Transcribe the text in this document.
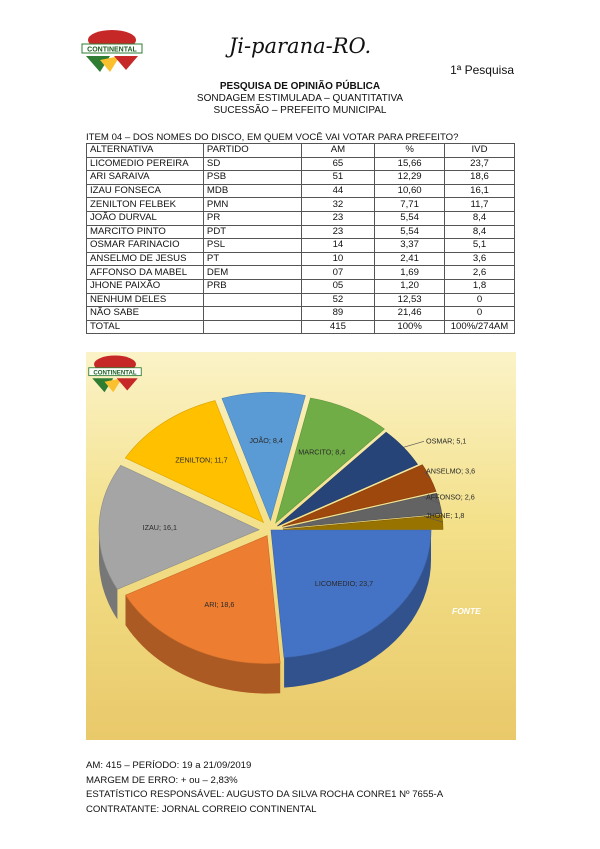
CONTINENTAL	Ji-parana-RO.
1ª Pesquisa
PESQUISA DE OPINIÃO PÚBLICA
SONDAGEM ESTIMULADA – QUANTITATIVA
SUCESSÃO – PREFEITO MUNICIPAL
ITEM 04 – DOS NOMES DO DISCO, EM QUEM VOCÊ VAI VOTAR PARA PREFEITO?
ALTERNATIVA	PARTIDO	AM	%	IVD
LICOMEDIO PEREIRA	SD	65	15,66	23,7
ARI SARAIVA	PSB	51	12,29	18,6
IZAU FONSECA	MDB	44	10,60	16,1
ZENILTON FELBEK	PMN	32	7,71	11,7
JOÃO DURVAL	PR	23	5,54	8,4
MARCITO PINTO	PDT	23	5,54	8,4
OSMAR FARINACIO	PSL	14	3,37	5,1
ANSELMO DE JESUS	PT	10	2,41	3,6
AFFONSO DA MABEL	DEM	07	1,69	2,6
JHONE PAIXÃO	PRB	05	1,20	1,8
NENHUM DELES		52	12,53	0
NÃO SABE		89	21,46	0
TOTAL		415	100%	100%/274AM
LICOMEDIO; 23,7
ARI; 18,6
IZAU; 16,1
ZENILTON; 11,7
JOÃO; 8,4
MARCITO; 8,4
OSMAR; 5,1
ANSELMO; 3,6
AFFONSO; 2,6
JHONE; 1,8
FONTE
CONTINENTAL
AM: 415 – PERÍODO: 19 a 21/09/2019
MARGEM DE ERRO: + ou – 2,83%
ESTATÍSTICO RESPONSÁVEL: AUGUSTO DA SILVA ROCHA CONRE1 Nº 7655-A
CONTRATANTE: JORNAL CORREIO CONTINENTAL
